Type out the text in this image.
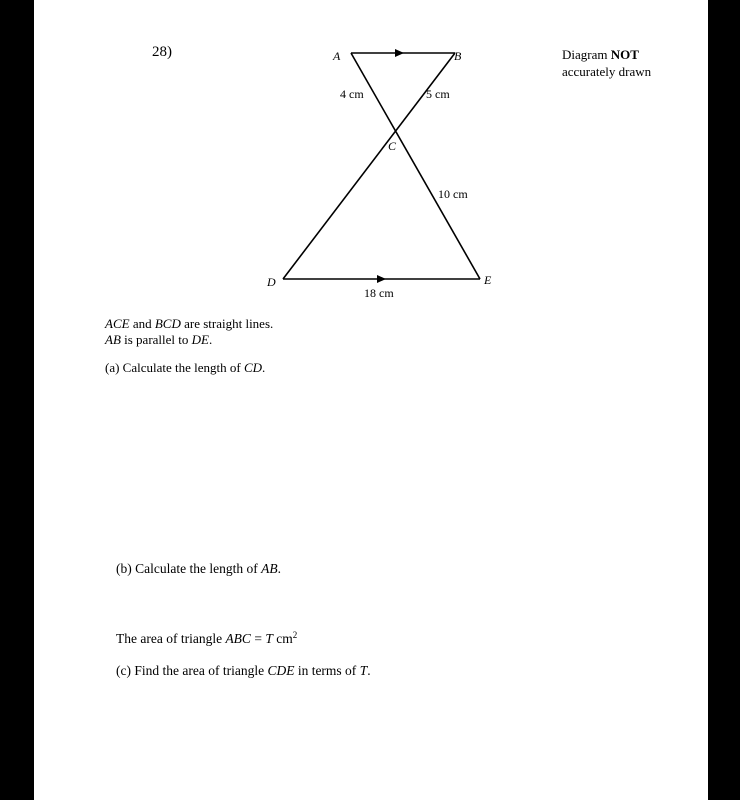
A	B
C
D	E
4 cm	5 cm
10 cm
18 cm
28)	Diagram NOT
accurately drawn
ACE and BCD are straight lines.
AB is parallel to DE.
(a) Calculate the length of CD.
(b) Calculate the length of AB.
The area of triangle ABC = T $cm^2$
(c) Find the area of triangle CDE in terms of T.
